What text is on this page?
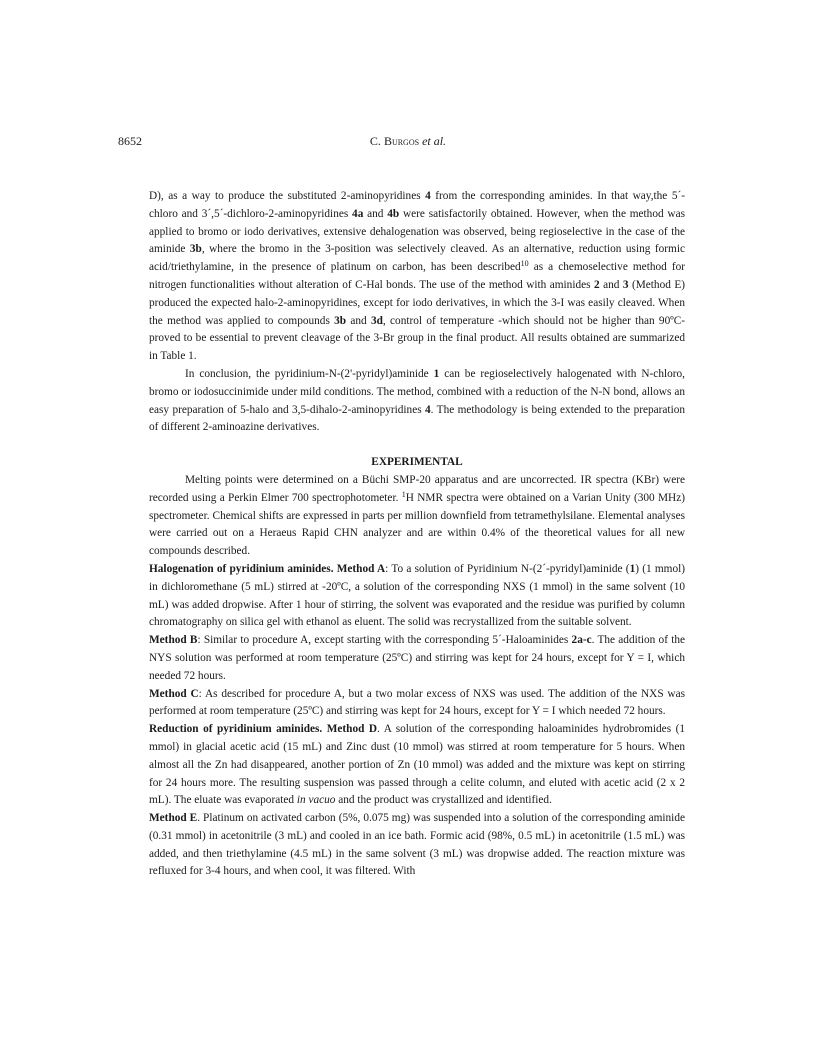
8652	C. Burgos et al.

D), as a way to produce the substituted 2-aminopyridines 4 from the corresponding aminides. In that way,the 5´-chloro and 3´,5´-dichloro-2-aminopyridines 4a and 4b were satisfactorily obtained. However, when the method was applied to bromo or iodo derivatives, extensive dehalogenation was observed, being regioselective in the case of the aminide 3b, where the bromo in the 3-position was selectively cleaved. As an alternative, reduction using formic acid/triethylamine, in the presence of platinum on carbon, has been described$^{10}$ as a chemoselective method for nitrogen functionalities without alteration of C-Hal bonds. The use of the method with aminides 2 and 3 (Method E) produced the expected halo-2-aminopyridines, except for iodo derivatives, in which the 3-I was easily cleaved. When the method was applied to compounds 3b and 3d, control of temperature -which should not be higher than 90ºC- proved to be essential to prevent cleavage of the 3-Br group in the final product. All results obtained are summarized in Table 1.

In conclusion, the pyridinium-N-(2'-pyridyl)aminide 1 can be regioselectively halogenated with N-chloro, bromo or iodosuccinimide under mild conditions. The method, combined with a reduction of the N-N bond, allows an easy preparation of 5-halo and 3,5-dihalo-2-aminopyridines 4. The methodology is being extended to the preparation of different 2-aminoazine derivatives.

EXPERIMENTAL

Melting points were determined on a Büchi SMP-20 apparatus and are uncorrected. IR spectra (KBr) were recorded using a Perkin Elmer 700 spectrophotometer. $^1$H NMR spectra were obtained on a Varian Unity (300 MHz) spectrometer. Chemical shifts are expressed in parts per million downfield from tetramethylsilane. Elemental analyses were carried out on a Heraeus Rapid CHN analyzer and are within 0.4% of the theoretical values for all new compounds described.

Halogenation of pyridinium aminides. Method A: To a solution of Pyridinium N-(2´-pyridyl)aminide (1) (1 mmol) in dichloromethane (5 mL) stirred at -20ºC, a solution of the corresponding NXS (1 mmol) in the same solvent (10 mL) was added dropwise. After 1 hour of stirring, the solvent was evaporated and the residue was purified by column chromatography on silica gel with ethanol as eluent. The solid was recrystallized from the suitable solvent.

Method B: Similar to procedure A, except starting with the corresponding 5´-Haloaminides 2a-c. The addition of the NYS solution was performed at room temperature (25ºC) and stirring was kept for 24 hours, except for Y = I, which needed 72 hours.

Method C: As described for procedure A, but a two molar excess of NXS was used. The addition of the NXS was performed at room temperature (25ºC) and stirring was kept for 24 hours, except for Y = I which needed 72 hours.

Reduction of pyridinium aminides. Method D. A solution of the corresponding haloaminides hydrobromides (1 mmol) in glacial acetic acid (15 mL) and Zinc dust (10 mmol) was stirred at room temperature for 5 hours. When almost all the Zn had disappeared, another portion of Zn (10 mmol) was added and the mixture was kept on stirring for 24 hours more. The resulting suspension was passed through a celite column, and eluted with acetic acid (2 x 2 mL). The eluate was evaporated in vacuo and the product was crystallized and identified.

Method E. Platinum on activated carbon (5%, 0.075 mg) was suspended into a solution of the corresponding aminide (0.31 mmol) in acetonitrile (3 mL) and cooled in an ice bath. Formic acid (98%, 0.5 mL) in acetonitrile (1.5 mL) was added, and then triethylamine (4.5 mL) in the same solvent (3 mL) was dropwise added. The reaction mixture was refluxed for 3-4 hours, and when cool, it was filtered. With
